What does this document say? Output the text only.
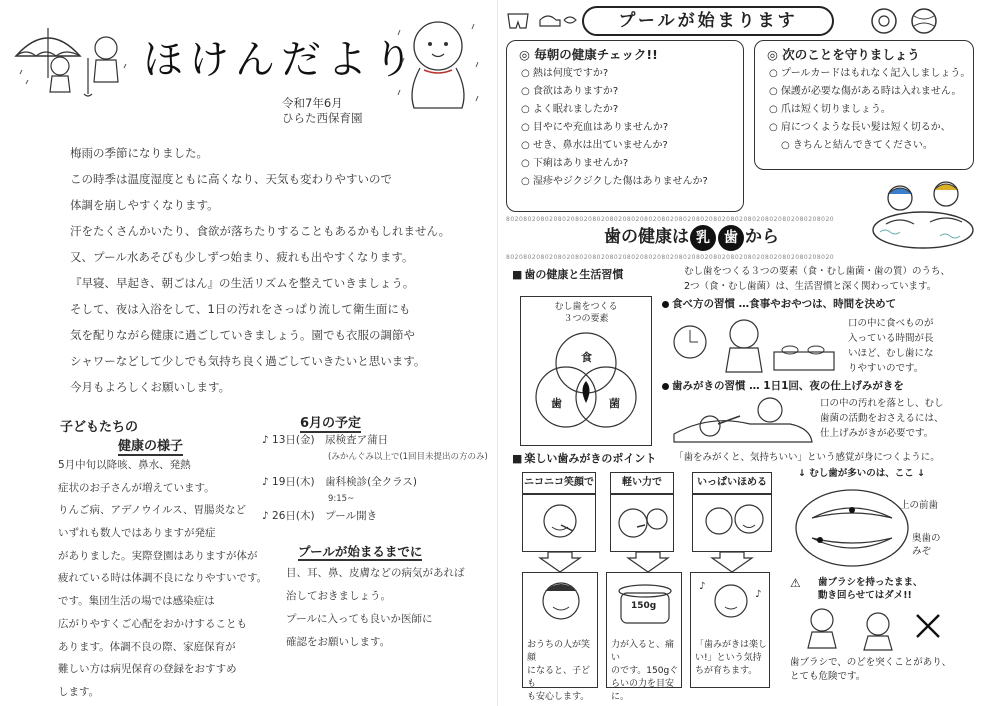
ほけんだより
令和7年6月
ひらた西保育園

梅雨の季節になりました。

この時季は温度湿度ともに高くなり、天気も変わりやすいので

体調を崩しやすくなります。

汗をたくさんかいたり、食欲が落ちたりすることもあるかもしれません。

又、プール水あそびも少しずつ始まり、疲れも出やすくなります。

『早寝、早起き、朝ごはん』の生活リズムを整えていきましょう。

そして、夜は入浴をして、1日の汚れをさっぱり流して衛生面にも

気を配りながら健康に過ごしていきましょう。園でも衣服の調節や

シャワーなどして少しでも気持ち良く過ごしていきたいと思います。

今月もよろしくお願いします。

子どもたちの
健康の様子

5月中旬以降咳、鼻水、発熱

症状のお子さんが増えています。

りんご病、アデノウイルス、胃腸炎など

いずれも数人ではありますが発症

がありました。実際登園はありますが体が

疲れている時は体調不良になりやすいです。

です。集団生活の場では感染症は

広がりやすくご心配をおかけすることも

あります。体調不良の際、家庭保育が

難しい方は病児保育の登録をおすすめ

します。

6月の予定
♪ 13日(金)　 尿検査ア蒲日
(みかんぐみ以上で(1回目未提出の方のみ)
♪ 19日(木)　 歯科検診(全クラス)
9:15~
♪ 26日(木)　 プール開き
プールが始まるまでに

目、耳、鼻、皮膚などの病気があれば

治しておきましょう。

プールに入っても良いか医師に

確認をお願いします。

プールが始まります
◎ 毎朝の健康チェック!!
○ 熱は何度ですか?
○ 食欲はありますか?
○ よく眠れましたか?
○ 目やにや充血はありませんか?
○ せき、鼻水は出ていませんか?
○ 下痢はありませんか?
○ 湿疹やジクジクした傷はありませんか?
◎ 次のことを守りましょう
○ プールカードはもれなく記入しましょう。
○ 保護が必要な傷がある時は入れません。
○ 爪は短く切りましょう。
○ 肩につくような長い髪は短く切るか、
○ きちんと結んできてください。
8020802080208020802080208020802080208020802080208020802080208020802080208020
歯の健康は 乳 歯 から
8020802080208020802080208020802080208020802080208020802080208020802080208020
■ 歯の健康と生活習慣	むし歯をつくる３つの要素（食・むし歯菌・歯の質）のうち、
2つ（食・むし歯菌）は、生活習慣と深く関わっています。
むし歯をつくる
３つの要素
食
歯	菌
食べ方の習慣 …食事やおやつは、時間を決めて
口の中に食べものが
入っている時間が長
いほど、むし歯にな
りやすいのです。
歯みがきの習慣 … 1日1回、夜の仕上げみがきを
口の中の汚れを落とし、むし
歯菌の活動をおさえるには、
仕上げみがきが必要です。
■ 楽しい歯みがきのポイント 「歯をみがくと、気持ちいい」という感覚が身につくように。
ニコニコ笑顔で	軽い力で	いっぱいほめる
おうちの人が笑顔
になると、子ども
も安心します。
150g
力が入ると、痛い
のです。150gぐ
らいの力を目安に。
♪
♪
「歯みがきは楽し
い!」という気持
ちが育ちます。
↓ むし歯が多いのは、ここ ↓
上の前歯
奥歯の
みぞ
⚠ 歯ブラシを持ったまま、
動き回らせてはダメ!!
歯ブラシで、のどを突くことがあり、
とても危険です。
